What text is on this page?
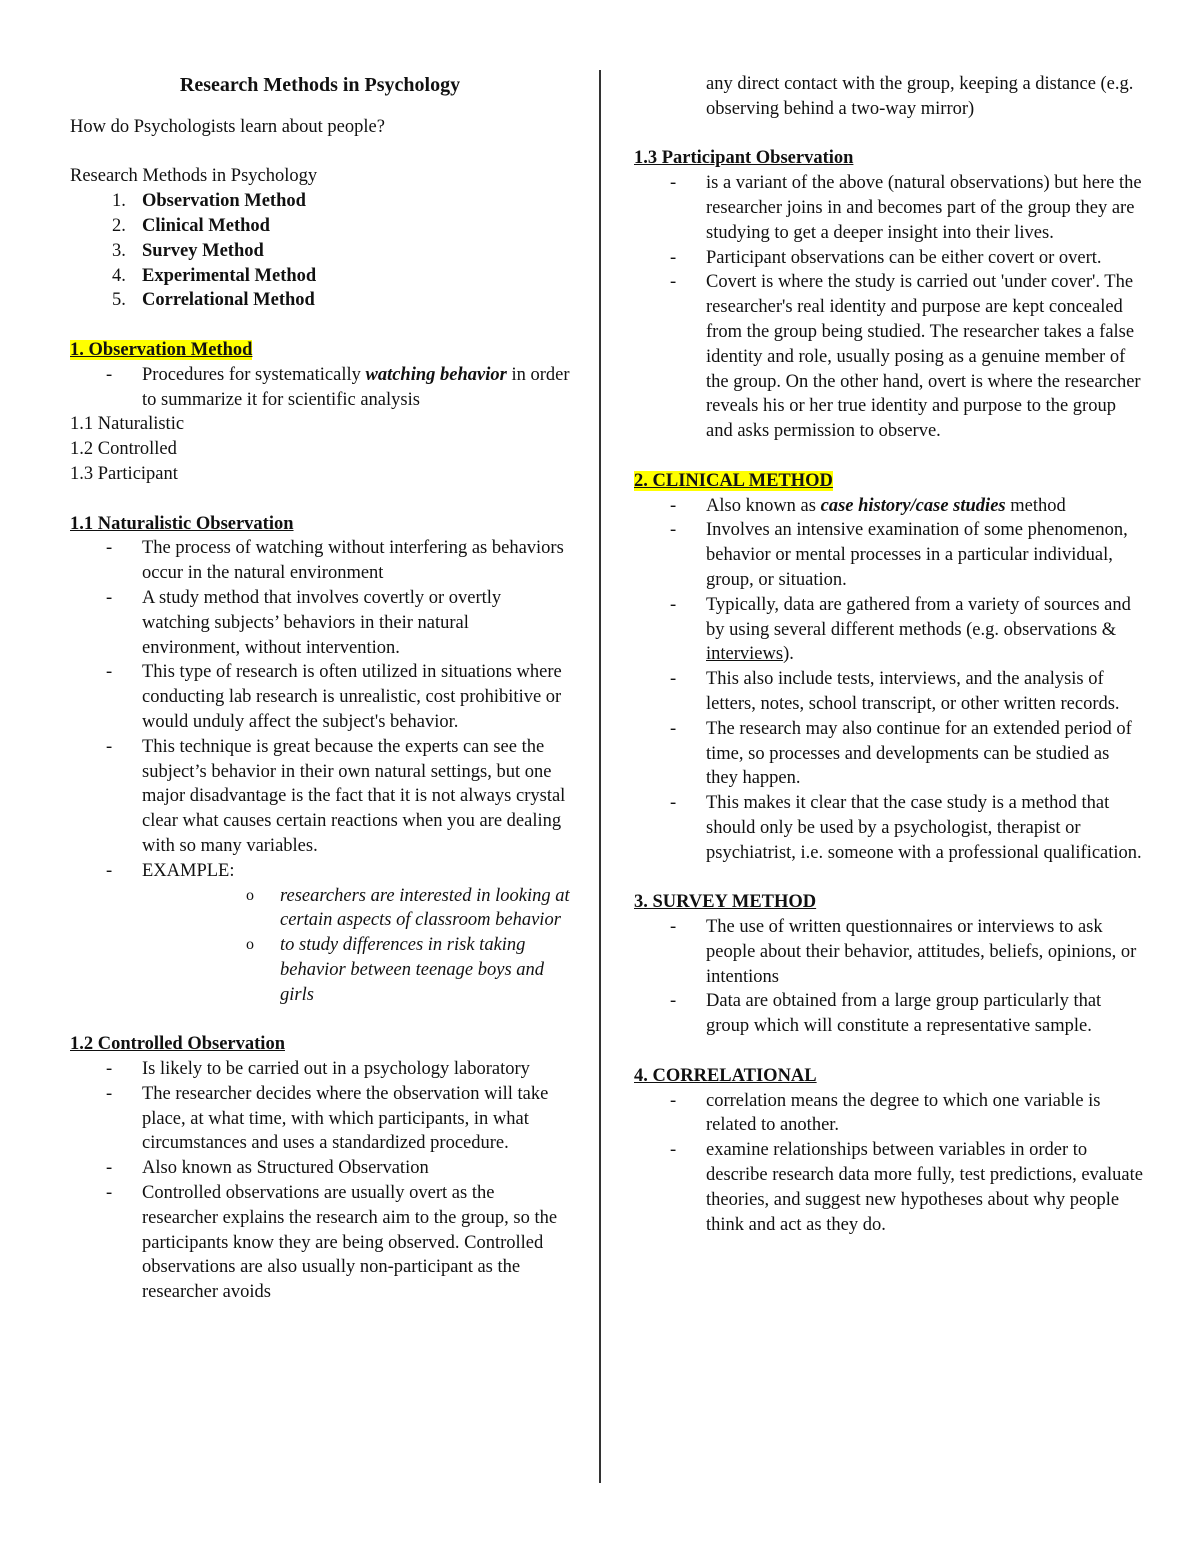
Research Methods in Psychology

How do Psychologists learn about people?

Research Methods in Psychology

1. Observation Method
2. Clinical Method
3. Survey Method
4. Experimental Method
5. Correlational Method

1. Observation Method

- Procedures for systematically watching behavior in order to summarize it for scientific analysis

1.1 Naturalistic

1.2 Controlled

1.3 Participant

1.1 Naturalistic Observation

- The process of watching without interfering as behaviors occur in the natural environment
- A study method that involves covertly or overtly watching subjects’ behaviors in their natural environment, without intervention.
- This type of research is often utilized in situations where conducting lab research is unrealistic, cost prohibitive or would unduly affect the subject's behavior.
- This technique is great because the experts can see the subject’s behavior in their own natural settings, but one major disadvantage is the fact that it is not always crystal clear what causes certain reactions when you are dealing with so many variables.
- EXAMPLE:
o researchers are interested in looking at certain aspects of classroom behavior
o to study differences in risk taking behavior between teenage boys and girls

1.2 Controlled Observation

- Is likely to be carried out in a psychology laboratory
- The researcher decides where the observation will take place, at what time, with which participants, in what circumstances and uses a standardized procedure.
- Also known as Structured Observation
- Controlled observations are usually overt as the researcher explains the research aim to the group, so the participants know they are being observed. Controlled observations are also usually non-participant as the researcher avoids

any direct contact with the group, keeping a distance (e.g. observing behind a two-way mirror)

1.3 Participant Observation

- is a variant of the above (natural observations) but here the researcher joins in and becomes part of the group they are studying to get a deeper insight into their lives.
- Participant observations can be either covert or overt.
- Covert is where the study is carried out 'under cover'. The researcher's real identity and purpose are kept concealed from the group being studied. The researcher takes a false identity and role, usually posing as a genuine member of the group. On the other hand, overt is where the researcher reveals his or her true identity and purpose to the group and asks permission to observe.

2. CLINICAL METHOD

- Also known as case history/case studies method
- Involves an intensive examination of some phenomenon, behavior or mental processes in a particular individual, group, or situation.
- Typically, data are gathered from a variety of sources and by using several different methods (e.g. observations & interviews).
- This also include tests, interviews, and the analysis of letters, notes, school transcript, or other written records.
- The research may also continue for an extended period of time, so processes and developments can be studied as they happen.
- This makes it clear that the case study is a method that should only be used by a psychologist, therapist or psychiatrist, i.e. someone with a professional qualification.

3. SURVEY METHOD

- The use of written questionnaires or interviews to ask people about their behavior, attitudes, beliefs, opinions, or intentions
- Data are obtained from a large group particularly that group which will constitute a representative sample.

4. CORRELATIONAL

- correlation means the degree to which one variable is related to another.
- examine relationships between variables in order to describe research data more fully, test predictions, evaluate theories, and suggest new hypotheses about why people think and act as they do.
